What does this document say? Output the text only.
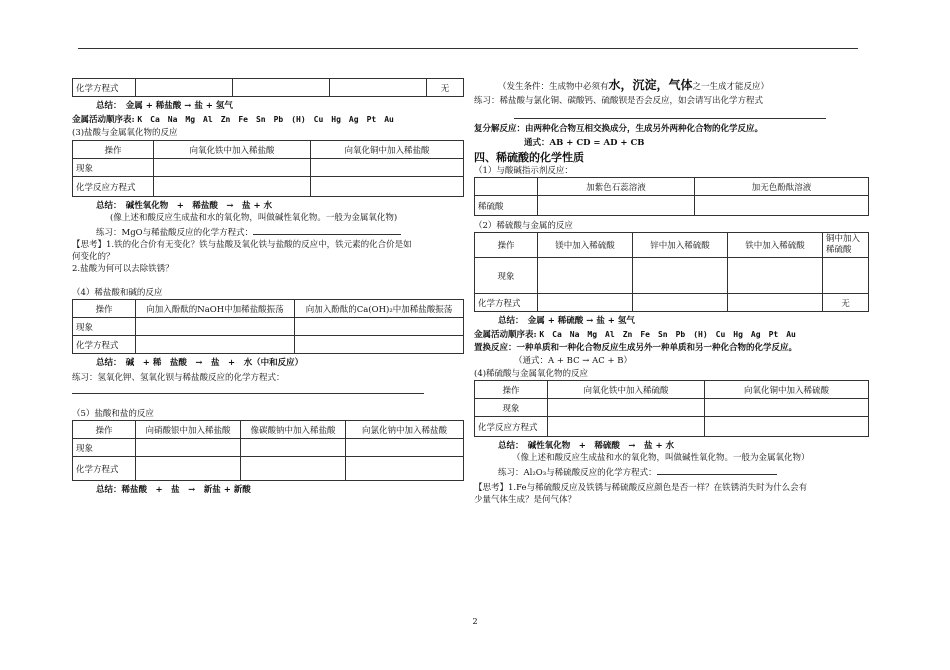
化学方程式				无
总结：　金属 + 稀盐酸 → 盐 + 氢气
金属活动顺序表: K　Ca　Na　Mg　Al　Zn　Fe　Sn　Pb　(H)　Cu　Hg　Ag　Pt　Au
(3)盐酸与金属氧化物的反应
操作	向氧化铁中加入稀盐酸	向氧化铜中加入稀盐酸
现象		
化学反应方程式		
总结：　碱性氧化物　+　稀盐酸　→　盐 + 水
(像上述和酸反应生成盐和水的氧化物，叫做碱性氧化物。一般为金属氧化物)
练习：MgO与稀盐酸反应的化学方程式：
【思考】1.铁的化合价有无变化？铁与盐酸及氧化铁与盐酸的反应中，铁元素的化合价是如
何变化的？
2.盐酸为何可以去除铁锈？
（4）稀盐酸和碱的反应
操作	向加入酚酞的NaOH中加稀盐酸振荡	向加入酚酞的Ca(OH)₂中加稀盐酸振荡
现象		
化学方程式		
总结：　碱　+ 稀　盐酸　→　盐　+　水（中和反应）
练习：氢氧化钾、氢氧化钡与稀盐酸反应的化学方程式：
（5）盐酸和盐的反应
操作	向硝酸银中加入稀盐酸	像碳酸钠中加入稀盐酸	向氯化钠中加入稀盐酸
现象			
化学方程式			
总结：稀盐酸　+　盐　→　新盐 + 新酸
（发生条件：生成物中必须有水，沉淀，气体之一生成才能反应）
练习：稀盐酸与氯化铜、碳酸钙、硫酸钡是否会反应，如会请写出化学方程式
复分解反应：由两种化合物互相交换成分，生成另外两种化合物的化学反应。
通式：AB + CD = AD + CB
四、稀硫酸的化学性质
（1）与酸碱指示剂反应：
	加紫色石蕊溶液	加无色酚酞溶液
稀硫酸		
（2）稀硫酸与金属的反应
操作	镁中加入稀硫酸	锌中加入稀硫酸	铁中加入稀硫酸	铜中加入
稀硫酸

现象				
化学方程式				无
总结：　金属 + 稀硫酸 → 盐 + 氢气
金属活动顺序表: K　Ca　Na　Mg　Al　Zn　Fe　Sn　Pb　(H)　Cu　Hg　Ag　Pt　Au
置换反应：一种单质和一种化合物反应生成另外一种单质和另一种化合物的化学反应。
（通式：A + BC → AC + B）
(4)稀硫酸与金属氧化物的反应
操作	向氧化铁中加入稀硫酸	向氧化铜中加入稀硫酸
现象		
化学反应方程式		
总结：　碱性氧化物　+　稀硫酸　→　盐 + 水
（像上述和酸反应生成盐和水的氧化物，叫做碱性氧化物。一般为金属氧化物）
练习：Al₂O₃与稀硫酸反应的化学方程式：
【思考】1.Fe与稀硫酸反应及铁锈与稀硫酸反应颜色是否一样？在铁锈消失时为什么会有
少量气体生成？是何气体？
2
